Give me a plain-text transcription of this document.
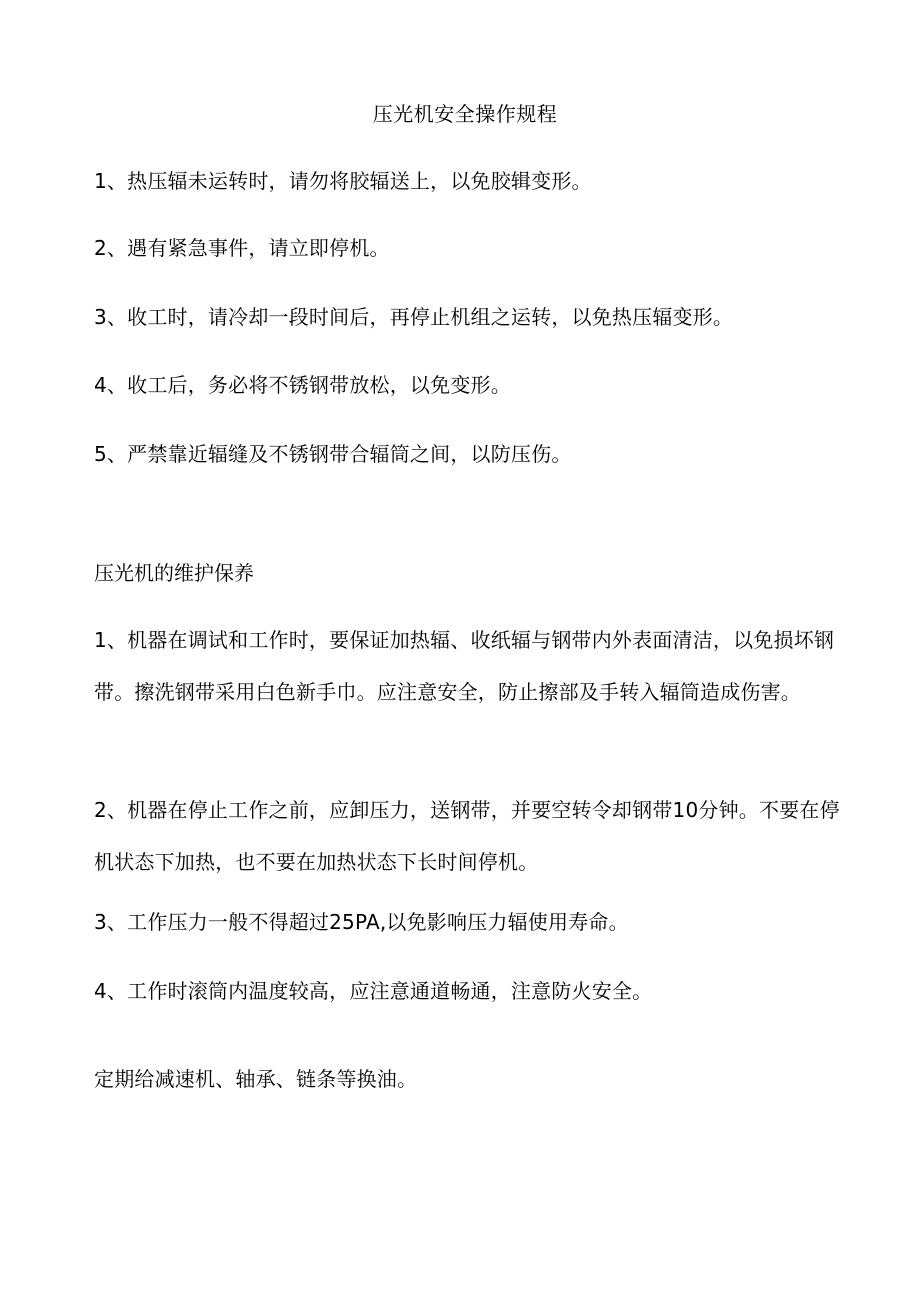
压光机安全操作规程
1、热压辐未运转时，请勿将胶辐送上，以免胶辑变形。
2、遇有紧急事件，请立即停机。
3、收工时，请冷却一段时间后，再停止机组之运转，以免热压辐变形。
4、收工后，务必将不锈钢带放松，以免变形。
5、严禁靠近辐缝及不锈钢带合辐筒之间，以防压伤。
压光机的维护保养
1、机器在调试和工作时，要保证加热辐、收纸辐与钢带内外表面清洁，以免损坏钢带。擦洗钢带采用白色新手巾。应注意安全，防止擦部及手转入辐筒造成伤害。
2、机器在停止工作之前，应卸压力，送钢带，并要空转令却钢带10分钟。不要在停机状态下加热，也不要在加热状态下长时间停机。
3、工作压力一般不得超过25PA,以免影响压力辐使用寿命。
4、工作时滚筒内温度较高，应注意通道畅通，注意防火安全。
定期给减速机、轴承、链条等换油。
